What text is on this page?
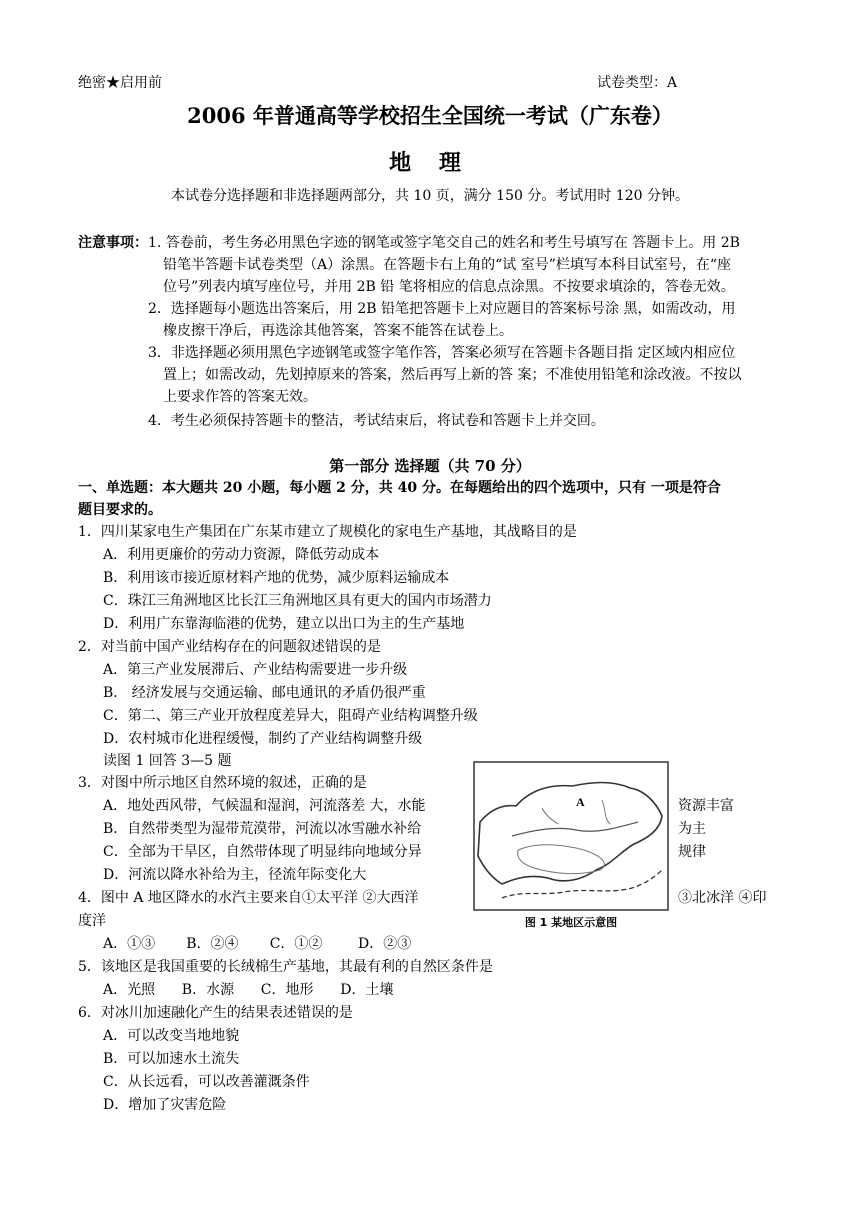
绝密★启用前	试卷类型：A
2006 年普通高等学校招生全国统一考试（广东卷）
地 理
本试卷分选择题和非选择题两部分，共 10 页，满分 150 分。考试用时 120 分钟。
注意事项： 1. 答卷前，考生务必用黑色字迹的钢笔或签字笔交自己的姓名和考生号填写在 答题卡上。用 2B
铅笔半答题卡试卷类型（A）涂黑。在答题卡右上角的“试 室号”栏填写本科目试室号，在“座
位号”列表内填写座位号，并用 2B 铅 笔将相应的信息点涂黑。不按要求填涂的，答卷无效。
2．选择题每小题选出答案后，用 2B 铅笔把答题卡上对应题目的答案标号涂 黑，如需改动，用
橡皮擦干净后，再选涂其他答案，答案不能答在试卷上。
3．非选择题必须用黑色字迹钢笔或签字笔作答，答案必须写在答题卡各题目指 定区域内相应位
置上；如需改动，先划掉原来的答案，然后再写上新的答 案；不准使用铅笔和涂改液。不按以
上要求作答的答案无效。
4．考生必须保持答题卡的整洁，考试结束后，将试卷和答题卡上并交回。
第一部分 选择题（共 70 分）
一、单选题：本大题共 20 小题，每小题 2 分，共 40 分。在每题给出的四个选项中，只有 一项是符合
题目要求的。
1．四川某家电生产集团在广东某市建立了规模化的家电生产基地，其战略目的是
A．利用更廉价的劳动力资源，降低劳动成本
B．利用该市接近原材料产地的优势，减少原料运输成本
C．珠江三角洲地区比长江三角洲地区具有更大的国内市场潜力
D．利用广东靠海临港的优势，建立以出口为主的生产基地
2．对当前中国产业结构存在的问题叙述错误的是
A．第三产业发展滞后、产业结构需要进一步升级
B． 经济发展与交通运输、邮电通讯的矛盾仍很严重
C．第二、第三产业开放程度差异大，阻碍产业结构调整升级
D．农村城市化进程缓慢，制约了产业结构调整升级
读图 1 回答 3—5 题
3．对图中所示地区自然环境的叙述，正确的是
A．地处西风带，气候温和湿润，河流落差 大，水能	资源丰富
B．自然带类型为湿带荒漠带，河流以冰雪融水补给	为主
C．全部为干旱区，自然带体现了明显纬向地域分异	规律
D．河流以降水补给为主，径流年际变化大
4．图中 A 地区降水的水汽主要来自①太平洋 ②大西洋	③北冰洋 ④印
度洋
A．①③       B．②④       C．①②        D．②③
5．该地区是我国重要的长绒棉生产基地，其最有利的自然区条件是
A．光照      B．水源      C．地形      D．土壤
6．对冰川加速融化产生的结果表述错误的是
A．可以改变当地地貌
B．可以加速水土流失
C．从长远看，可以改善灌溉条件
D．增加了灾害危险
A
图 1 某地区示意图
